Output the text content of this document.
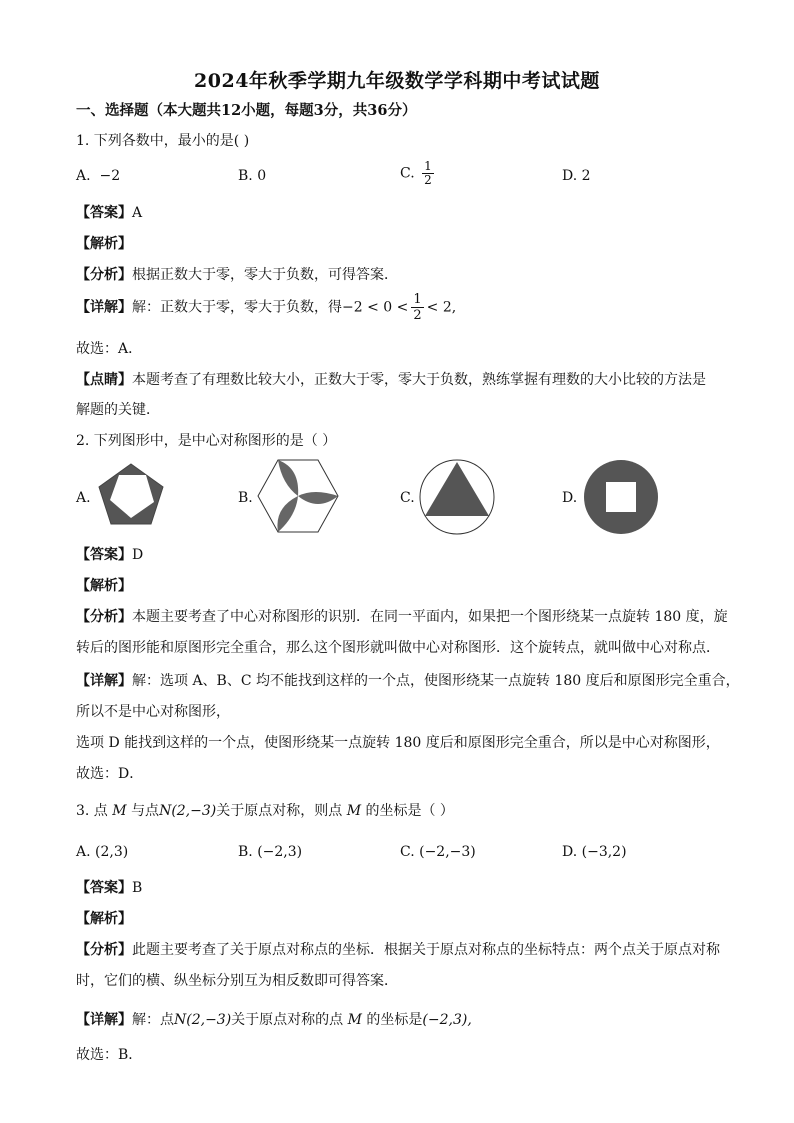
2024年秋季学期九年级数学学科期中考试试题
一、选择题（本大题共12小题，每题3分，共36分）
1. 下列各数中，最小的是( )
A. −2	B. 0	C. $\frac{1}{2}$	D. 2
【答案】A
【解析】
【分析】根据正数大于零，零大于负数，可得答案．
【详解】解：正数大于零，零大于负数，得$-2 < 0 < \frac{1}{2} < 2$,
故选：A．
【点睛】本题考查了有理数比较大小，正数大于零，零大于负数，熟练掌握有理数的大小比较的方法是
解题的关键．
2. 下列图形中，是中心对称图形的是（ ）
A.	B.	C.	D.
【答案】D
【解析】
【分析】本题主要考查了中心对称图形的识别．在同一平面内，如果把一个图形绕某一点旋转 180 度，旋
转后的图形能和原图形完全重合，那么这个图形就叫做中心对称图形．这个旋转点，就叫做中心对称点．
【详解】解：选项 A、B、C 均不能找到这样的一个点，使图形绕某一点旋转 180 度后和原图形完全重合，
所以不是中心对称图形，
选项 D 能找到这样的一个点，使图形绕某一点旋转 180 度后和原图形完全重合，所以是中心对称图形，
故选：D．
3. 点 M 与点N(2,−3)关于原点对称，则点 M 的坐标是（ ）
A. (2,3)	B. (−2,3)	C. (−2,−3)	D. (−3,2)
【答案】B
【解析】
【分析】此题主要考查了关于原点对称点的坐标．根据关于原点对称点的坐标特点：两个点关于原点对称
时，它们的横、纵坐标分别互为相反数即可得答案．
【详解】解：点N(2,−3)关于原点对称的点 M 的坐标是(−2,3),
故选：B．
